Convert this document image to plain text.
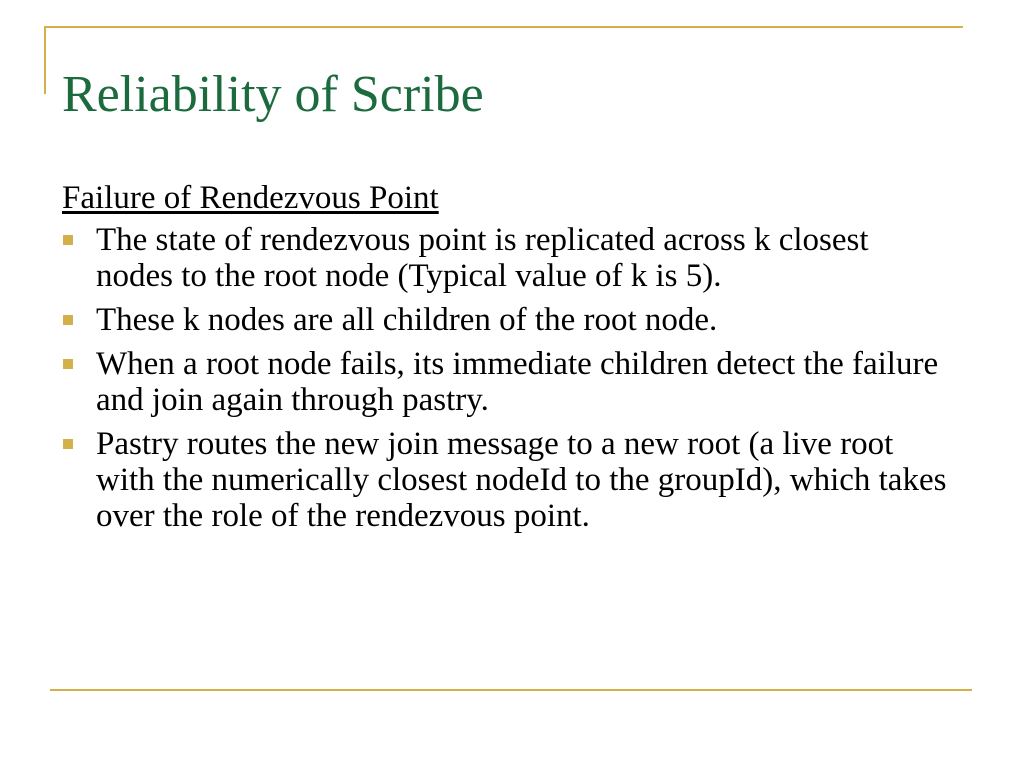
Reliability of Scribe

Failure of Rendezvous Point

The state of rendezvous point is replicated across k closest nodes to the root node (Typical value of k is 5).
These k nodes are all children of the root node.
When a root node fails, its immediate children detect the failure and join again through pastry.
Pastry routes the new join message to a new root (a live root with the numerically closest nodeId to the groupId), which takes over the role of the rendezvous point.
